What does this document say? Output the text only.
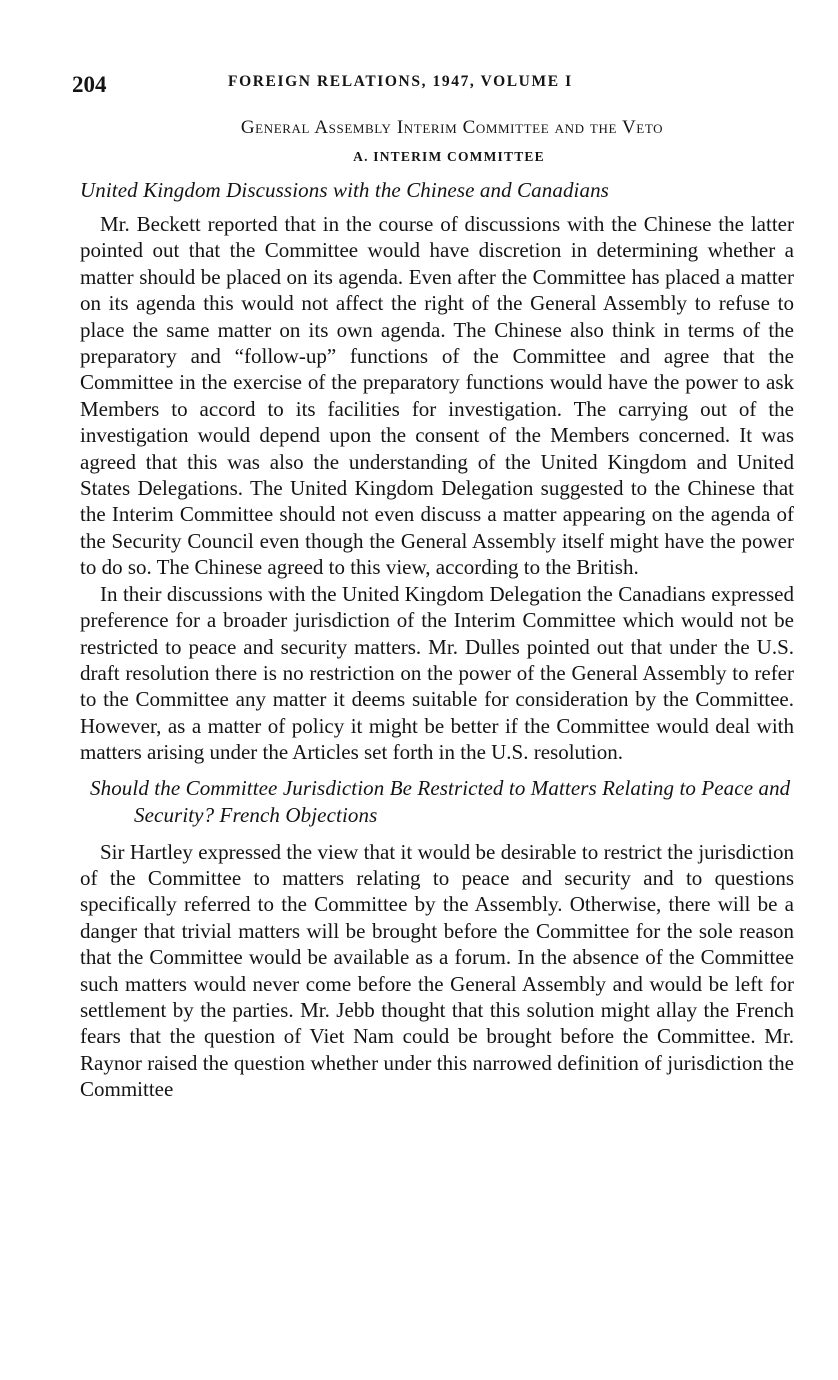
204	FOREIGN RELATIONS, 1947, VOLUME I
General Assembly Interim Committee and the Veto
A. INTERIM COMMITTEE
United Kingdom Discussions with the Chinese and Canadians

Mr. Beckett reported that in the course of discussions with the Chinese the latter pointed out that the Committee would have discretion in determining whether a matter should be placed on its agenda. Even after the Committee has placed a matter on its agenda this would not affect the right of the General Assembly to refuse to place the same matter on its own agenda. The Chinese also think in terms of the preparatory and “follow-up” functions of the Committee and agree that the Committee in the exercise of the preparatory functions would have the power to ask Members to accord to its facilities for investigation. The carrying out of the investigation would depend upon the consent of the Members concerned. It was agreed that this was also the understanding of the United Kingdom and United States Delegations. The United Kingdom Delegation suggested to the Chinese that the Interim Committee should not even discuss a matter appearing on the agenda of the Security Council even though the General Assembly itself might have the power to do so. The Chinese agreed to this view, according to the British.

In their discussions with the United Kingdom Delegation the Canadians expressed preference for a broader jurisdiction of the Interim Committee which would not be restricted to peace and security matters. Mr. Dulles pointed out that under the U.S. draft resolution there is no restriction on the power of the General Assembly to refer to the Committee any matter it deems suitable for consideration by the Committee. However, as a matter of policy it might be better if the Committee would deal with matters arising under the Articles set forth in the U.S. resolution.

Should the Committee Jurisdiction Be Restricted to Matters Relating to Peace and Security? French Objections

Sir Hartley expressed the view that it would be desirable to restrict the jurisdiction of the Committee to matters relating to peace and security and to questions specifically referred to the Committee by the Assembly. Otherwise, there will be a danger that trivial matters will be brought before the Committee for the sole reason that the Committee would be available as a forum. In the absence of the Committee such matters would never come before the General Assembly and would be left for settlement by the parties. Mr. Jebb thought that this solution might allay the French fears that the question of Viet Nam could be brought before the Committee. Mr. Raynor raised the question whether under this narrowed definition of jurisdiction the Committee
